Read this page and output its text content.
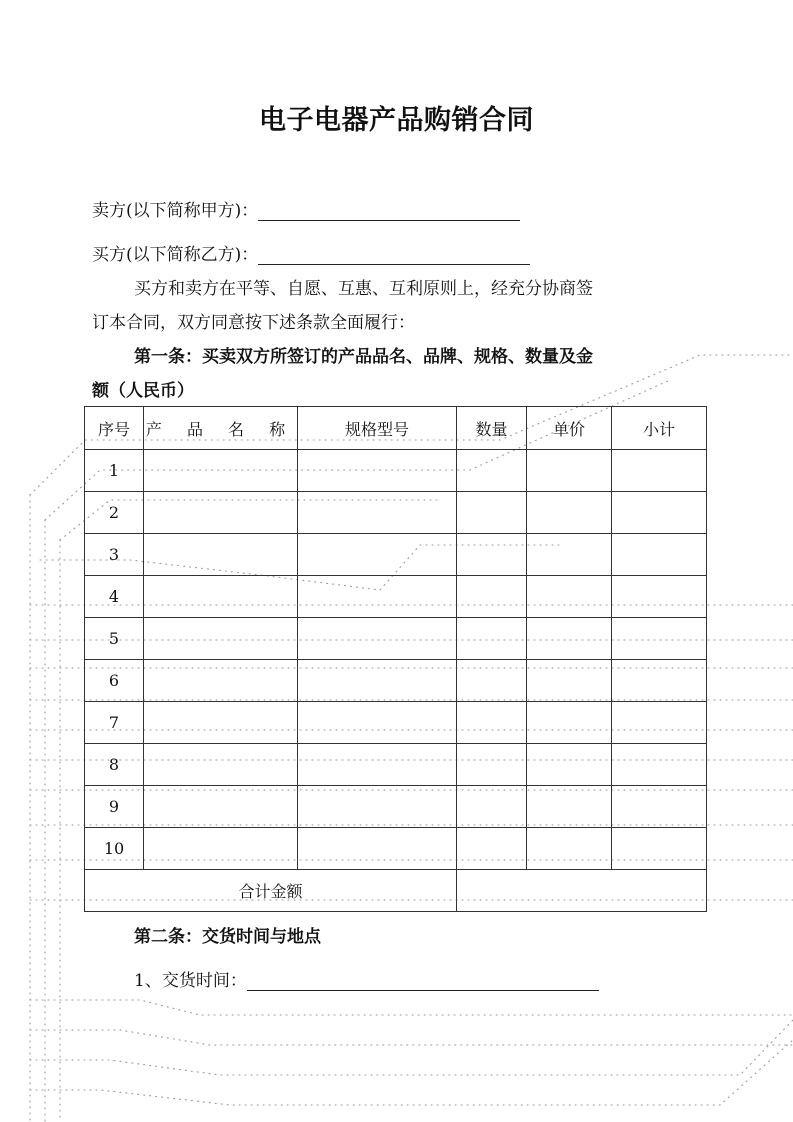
电子电器产品购销合同
卖方(以下简称甲方)：
买方(以下简称乙方)：
买方和卖方在平等、自愿、互惠、互利原则上，经充分协商签
订本合同，双方同意按下述条款全面履行：
第一条：买卖双方所签订的产品品名、品牌、规格、数量及金
额（人民币）
序号	产 品 名 称	规格型号	数量	单价	小计
1					
2					
3					
4					
5					
6					
7					
8					
9					
10					
合计金额					
第二条：交货时间与地点
1、交货时间：
